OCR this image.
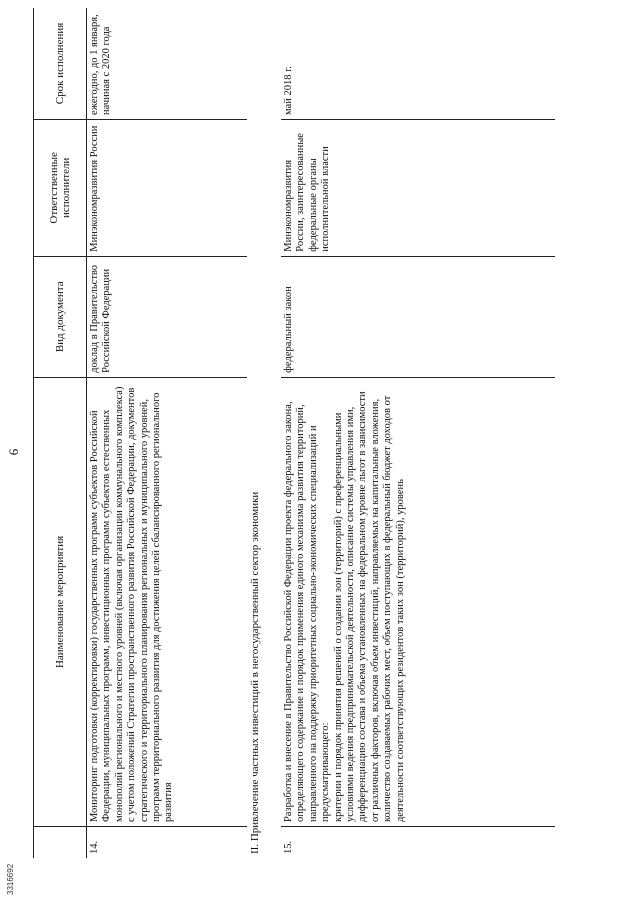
6
3316692
	Наименование мероприятия	Вид документа	Ответственные исполнители	Срок исполнения
14.	Мониторинг подготовки (корректировки) государственных программ субъектов Российской Федерации, муниципальных программ, инвестиционных программ субъектов естественных монополий регионального и местного уровней (включая организации коммунального комплекса) с учетом положений Стратегии пространственного развития Российской Федерации, документов стратегического и территориального планирования региональных и муниципального уровней, программ территориального развития для достижения целей сбалансированного регионального развития	доклад в Правительство Российской Федерации	Минэкономразвития России	ежегодно, до 1 января, начиная с 2020 года
II. Привлечение частных инвестиций в негосударственный сектор экономики				
15.	Разработка и внесение в Правительство Российской Федерации проекта федерального закона, определяющего содержание и порядок применения единого механизма развития территорий, направленного на поддержку приоритетных социально-экономических специализаций и предусматривающего:
критерии и порядок принятия решений о создании зон (территорий) с преференциальными условиями ведения предпринимательской деятельности, описание системы управления ими, дифференциацию состава и объема установленных на федеральном уровне льгот в зависимости от различных факторов, включая объем инвестиций, направляемых на капитальные вложения, количество создаваемых рабочих мест, объем поступающих в федеральный бюджет доходов от деятельности соответствующих резидентов таких зон (территорий), уровень	федеральный закон	Минэкономразвития России, заинтересованные федеральные органы исполнительной власти	май 2018 г.
